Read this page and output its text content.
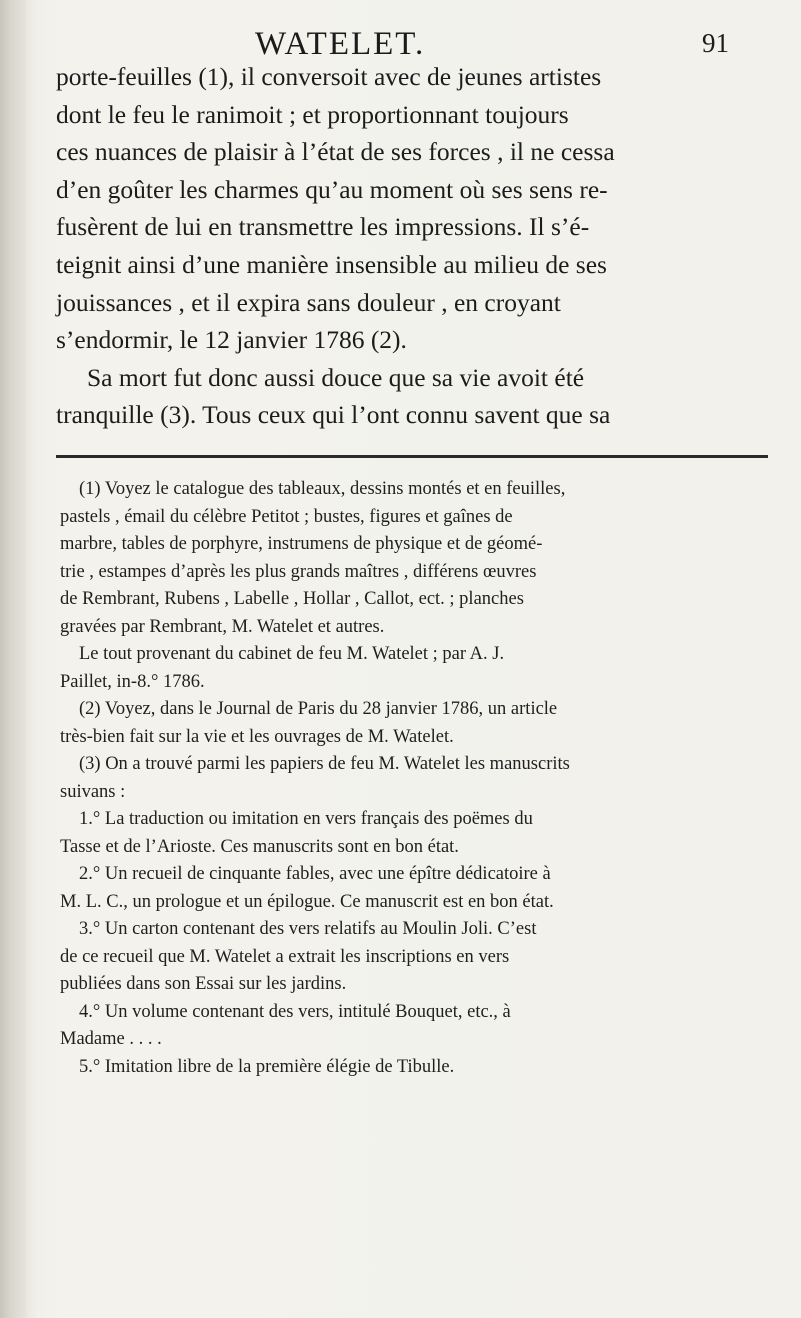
WATELET.	91
porte-feuilles (1), il conversoit avec de jeunes artistes
dont le feu le ranimoit ; et proportionnant toujours
ces nuances de plaisir à l’état de ses forces , il ne cessa
d’en goûter les charmes qu’au moment où ses sens re-
fusèrent de lui en transmettre les impressions. Il s’é-
teignit ainsi d’une manière insensible au milieu de ses
jouissances , et il expira sans douleur , en croyant
s’endormir, le 12 janvier 1786 (2).
Sa mort fut donc aussi douce que sa vie avoit été
tranquille (3). Tous ceux qui l’ont connu savent que sa
(1) Voyez le catalogue des tableaux, dessins montés et en feuilles,
pastels , émail du célèbre Petitot ; bustes, figures et gaînes de
marbre, tables de porphyre, instrumens de physique et de géomé-
trie , estampes d’après les plus grands maîtres , différens œuvres
de Rembrant, Rubens , Labelle , Hollar , Callot, ect. ; planches
gravées par Rembrant, M. Watelet et autres.
Le tout provenant du cabinet de feu M. Watelet ; par A. J.
Paillet, in-8.° 1786.
(2) Voyez, dans le Journal de Paris du 28 janvier 1786, un article
très-bien fait sur la vie et les ouvrages de M. Watelet.
(3) On a trouvé parmi les papiers de feu M. Watelet les manuscrits
suivans :
1.° La traduction ou imitation en vers français des poëmes du
Tasse et de l’Arioste. Ces manuscrits sont en bon état.
2.° Un recueil de cinquante fables, avec une épître dédicatoire à
M. L. C., un prologue et un épilogue. Ce manuscrit est en bon état.
3.° Un carton contenant des vers relatifs au Moulin Joli. C’est
de ce recueil que M. Watelet a extrait les inscriptions en vers
publiées dans son Essai sur les jardins.
4.° Un volume contenant des vers, intitulé Bouquet, etc., à
Madame . . . .
5.° Imitation libre de la première élégie de Tibulle.
